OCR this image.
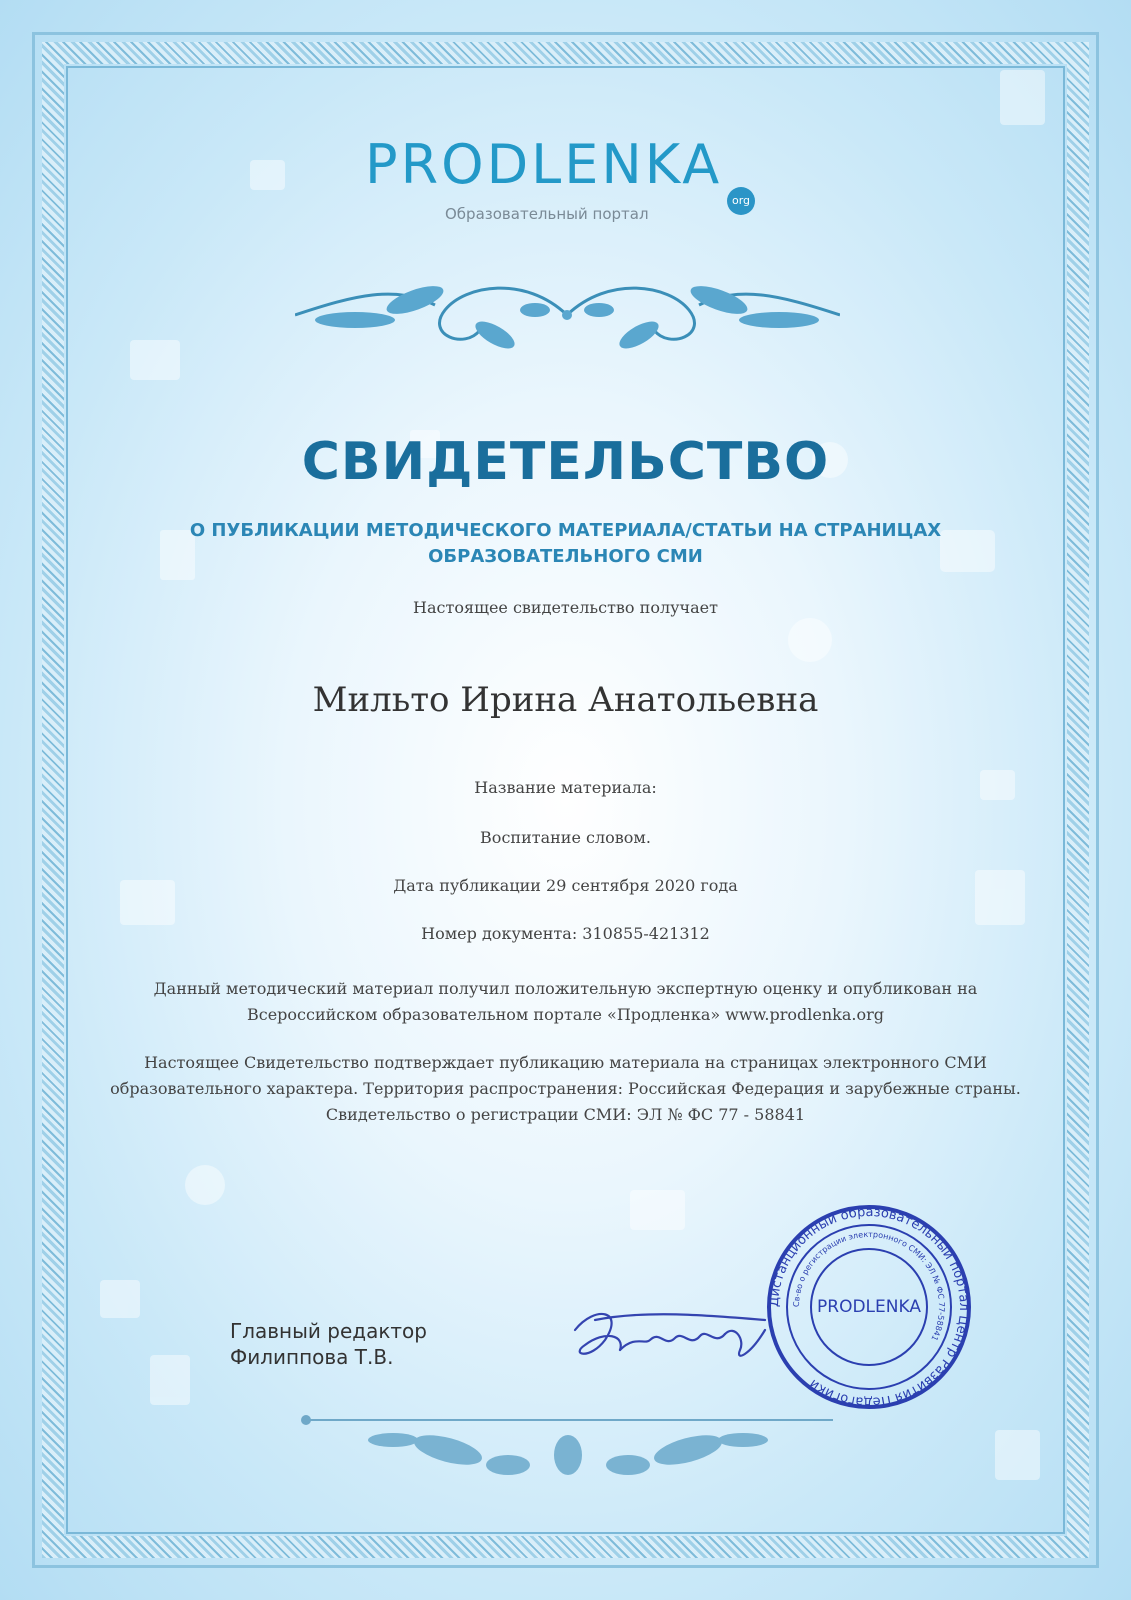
PRODLENKA
org
Образовательный портал
СВИДЕТЕЛЬСТВО
О ПУБЛИКАЦИИ МЕТОДИЧЕСКОГО МАТЕРИАЛА/СТАТЬИ НА СТРАНИЦАХ ОБРАЗОВАТЕЛЬНОГО СМИ
Настоящее свидетельство получает
Мильто Ирина Анатольевна
Название материала:
Воспитание словом.
Дата публикации 29 сентября 2020 года
Номер документа: 310855-421312
Данный методический материал получил положительную экспертную оценку и опубликован на Всероссийском образовательном портале «Продленка» www.prodlenka.org
Настоящее Свидетельство подтверждает публикацию материала на страницах электронного СМИ образовательного характера. Территория распространения: Российская Федерация и зарубежные страны. Свидетельство о регистрации СМИ: ЭЛ № ФС 77 - 58841
Главный редактор
Филиппова Т.В.
Дистанционный образовательный портал Центр Развития Педагогики
Св-во о регистрации электронного СМИ: ЭЛ № ФС 77-58841
PRODLENKA
